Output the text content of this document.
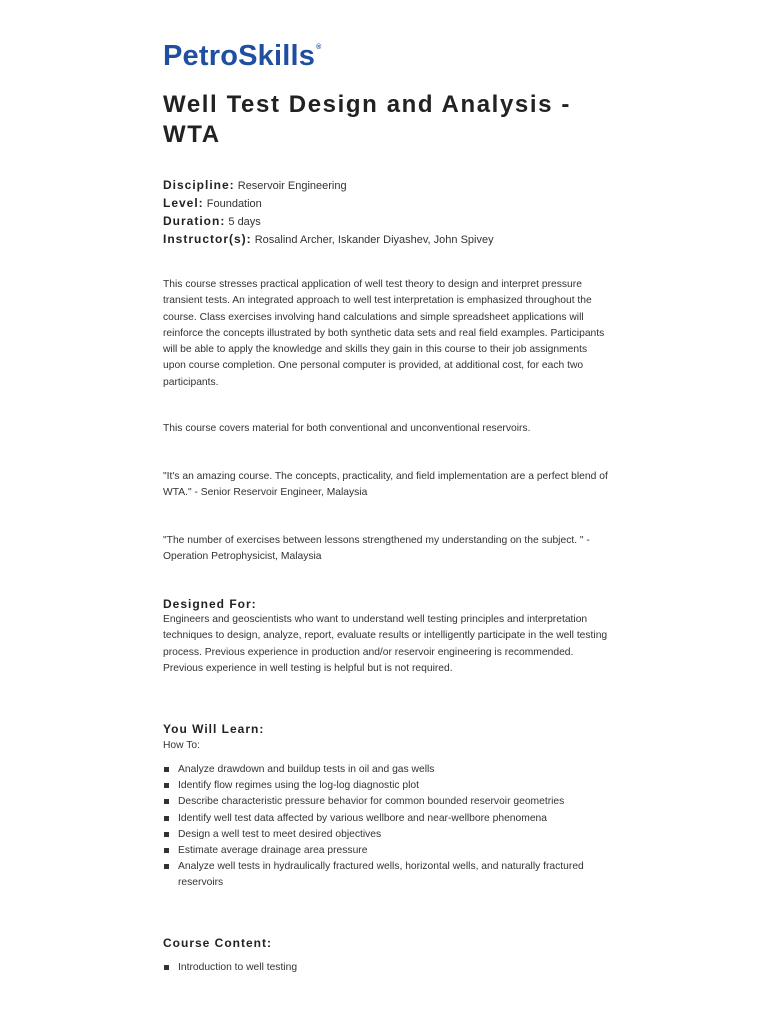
PetroSkills®
Well Test Design and Analysis - WTA
Discipline: Reservoir Engineering
Level: Foundation
Duration: 5 days
Instructor(s): Rosalind Archer, Iskander Diyashev, John Spivey

This course stresses practical application of well test theory to design and interpret pressure transient tests. An integrated approach to well test interpretation is emphasized throughout the course. Class exercises involving hand calculations and simple spreadsheet applications will reinforce the concepts illustrated by both synthetic data sets and real field examples. Participants will be able to apply the knowledge and skills they gain in this course to their job assignments upon course completion. One personal computer is provided, at additional cost, for each two participants.

This course covers material for both conventional and unconventional reservoirs.

"It's an amazing course. The concepts, practicality, and field implementation are a perfect blend of WTA." - Senior Reservoir Engineer, Malaysia

"The number of exercises between lessons strengthened my understanding on the subject. " - Operation Petrophysicist, Malaysia

Designed For:

Engineers and geoscientists who want to understand well testing principles and interpretation techniques to design, analyze, report, evaluate results or intelligently participate in the well testing process. Previous experience in production and/or reservoir engineering is recommended. Previous experience in well testing is helpful but is not required.

You Will Learn:

How To:

Analyze drawdown and buildup tests in oil and gas wells
Identify flow regimes using the log-log diagnostic plot
Describe characteristic pressure behavior for common bounded reservoir geometries
Identify well test data affected by various wellbore and near-wellbore phenomena
Design a well test to meet desired objectives
Estimate average drainage area pressure
Analyze well tests in hydraulically fractured wells, horizontal wells, and naturally fractured reservoirs
Course Content:
Introduction to well testing
